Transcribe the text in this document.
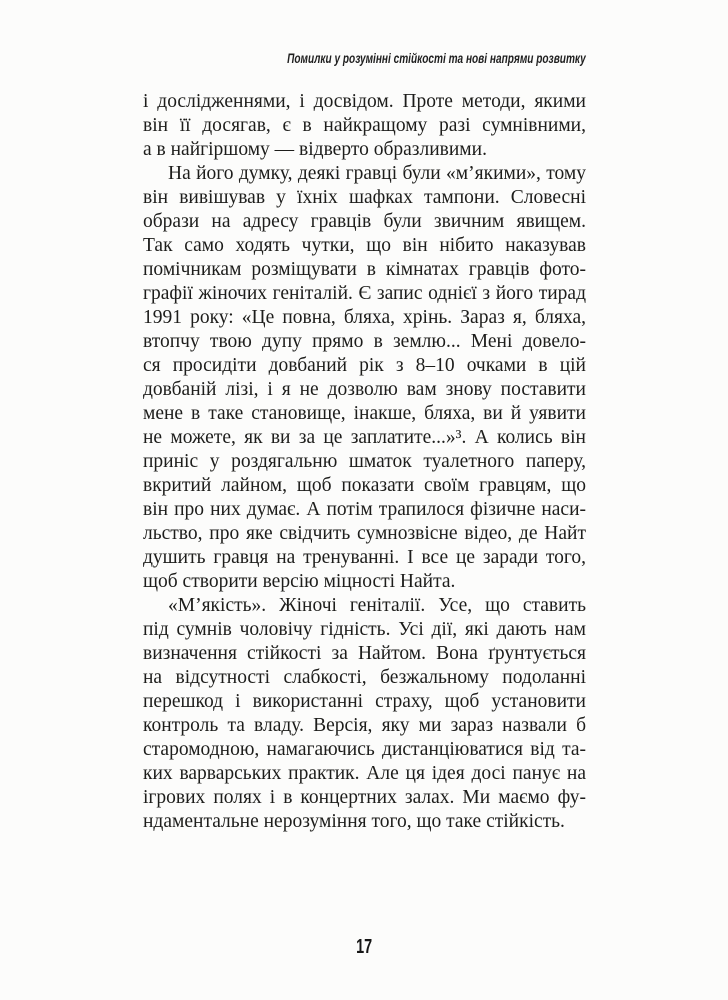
Помилки у розумінні стійкості та нові напрями розвитку
і дослідженнями, і досвідом. Проте методи, якими
він її досягав, є в найкращому разі сумнівними,
а в найгіршому — відверто образливими.
На його думку, деякі гравці були «м’якими», тому
він вивішував у їхніх шафках тампони. Словесні
образи на адресу гравців були звичним явищем.
Так само ходять чутки, що він нібито наказував
помічникам розміщувати в кімнатах гравців фото-
графії жіночих геніталій. Є запис однієї з його тирад
1991 року: «Це повна, бляха, хрінь. Зараз я, бляха,
втопчу твою дупу прямо в землю... Мені довело-
ся просидіти довбаний рік з 8–10 очками в цій
довбаній лізі, і я не дозволю вам знову поставити
мене в таке становище, інакше, бляха, ви й уявити
не можете, як ви за це заплатите...»³. А колись він
приніс у роздягальню шматок туалетного паперу,
вкритий лайном, щоб показати своїм гравцям, що
він про них думає. А потім трапилося фізичне наси-
льство, про яке свідчить сумнозвісне відео, де Найт
душить гравця на тренуванні. І все це заради того,
щоб створити версію міцності Найта.
«М’якість». Жіночі геніталії. Усе, що ставить
під сумнів чоловічу гідність. Усі дії, які дають нам
визначення стійкості за Найтом. Вона ґрунтується
на відсутності слабкості, безжальному подоланні
перешкод і використанні страху, щоб установити
контроль та владу. Версія, яку ми зараз назвали б
старомодною, намагаючись дистанціюватися від та-
ких варварських практик. Але ця ідея досі панує на
ігрових полях і в концертних залах. Ми маємо фу-
ндаментальне нерозуміння того, що таке стійкість.
17
